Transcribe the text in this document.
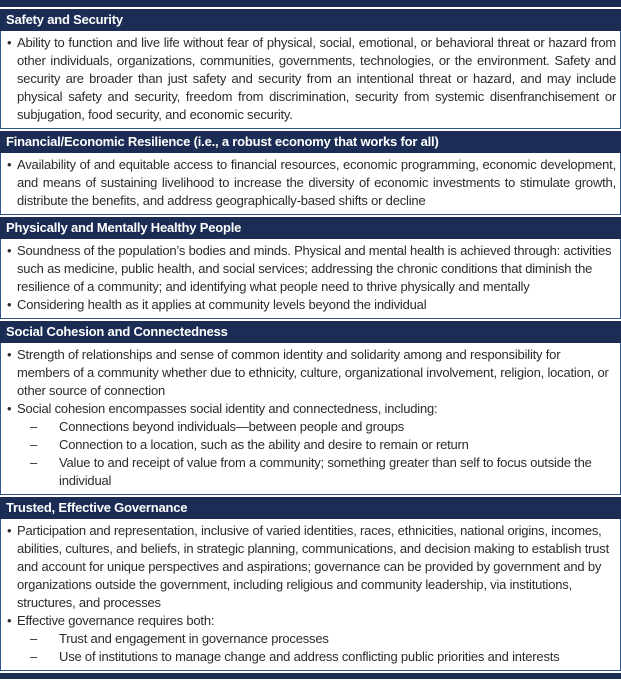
Safety and Security
• Ability to function and live life without fear of physical, social, emotional, or behavioral threat or hazard from other individuals, organizations, communities, governments, technologies, or the environment. Safety and security are broader than just safety and security from an intentional threat or hazard, and may include physical safety and security, freedom from discrimination, security from systemic disenfranchisement or subjugation, food security, and economic security.
Financial/Economic Resilience (i.e., a robust economy that works for all)
• Availability of and equitable access to financial resources, economic programming, economic development, and means of sustaining livelihood to increase the diversity of economic investments to stimulate growth, distribute the benefits, and address geographically-based shifts or decline
Physically and Mentally Healthy People
• Soundness of the population’s bodies and minds. Physical and mental health is achieved through: activities such as medicine, public health, and social services; addressing the chronic conditions that diminish the resilience of a community; and identifying what people need to thrive physically and mentally
• Considering health as it applies at community levels beyond the individual
Social Cohesion and Connectedness
• Strength of relationships and sense of common identity and solidarity among and responsibility for members of a community whether due to ethnicity, culture, organizational involvement, religion, location, or other source of connection
• Social cohesion encompasses social identity and connectedness, including:
–	Connections beyond individuals—between people and groups
–	Connection to a location, such as the ability and desire to remain or return
–	Value to and receipt of value from a community; something greater than self to focus outside the individual
Trusted, Effective Governance
• Participation and representation, inclusive of varied identities, races, ethnicities, national origins, incomes, abilities, cultures, and beliefs, in strategic planning, communications, and decision making to establish trust and account for unique perspectives and aspirations; governance can be provided by government and by organizations outside the government, including religious and community leadership, via institutions, structures, and processes
• Effective governance requires both:
–	Trust and engagement in governance processes
–	Use of institutions to manage change and address conflicting public priorities and interests
